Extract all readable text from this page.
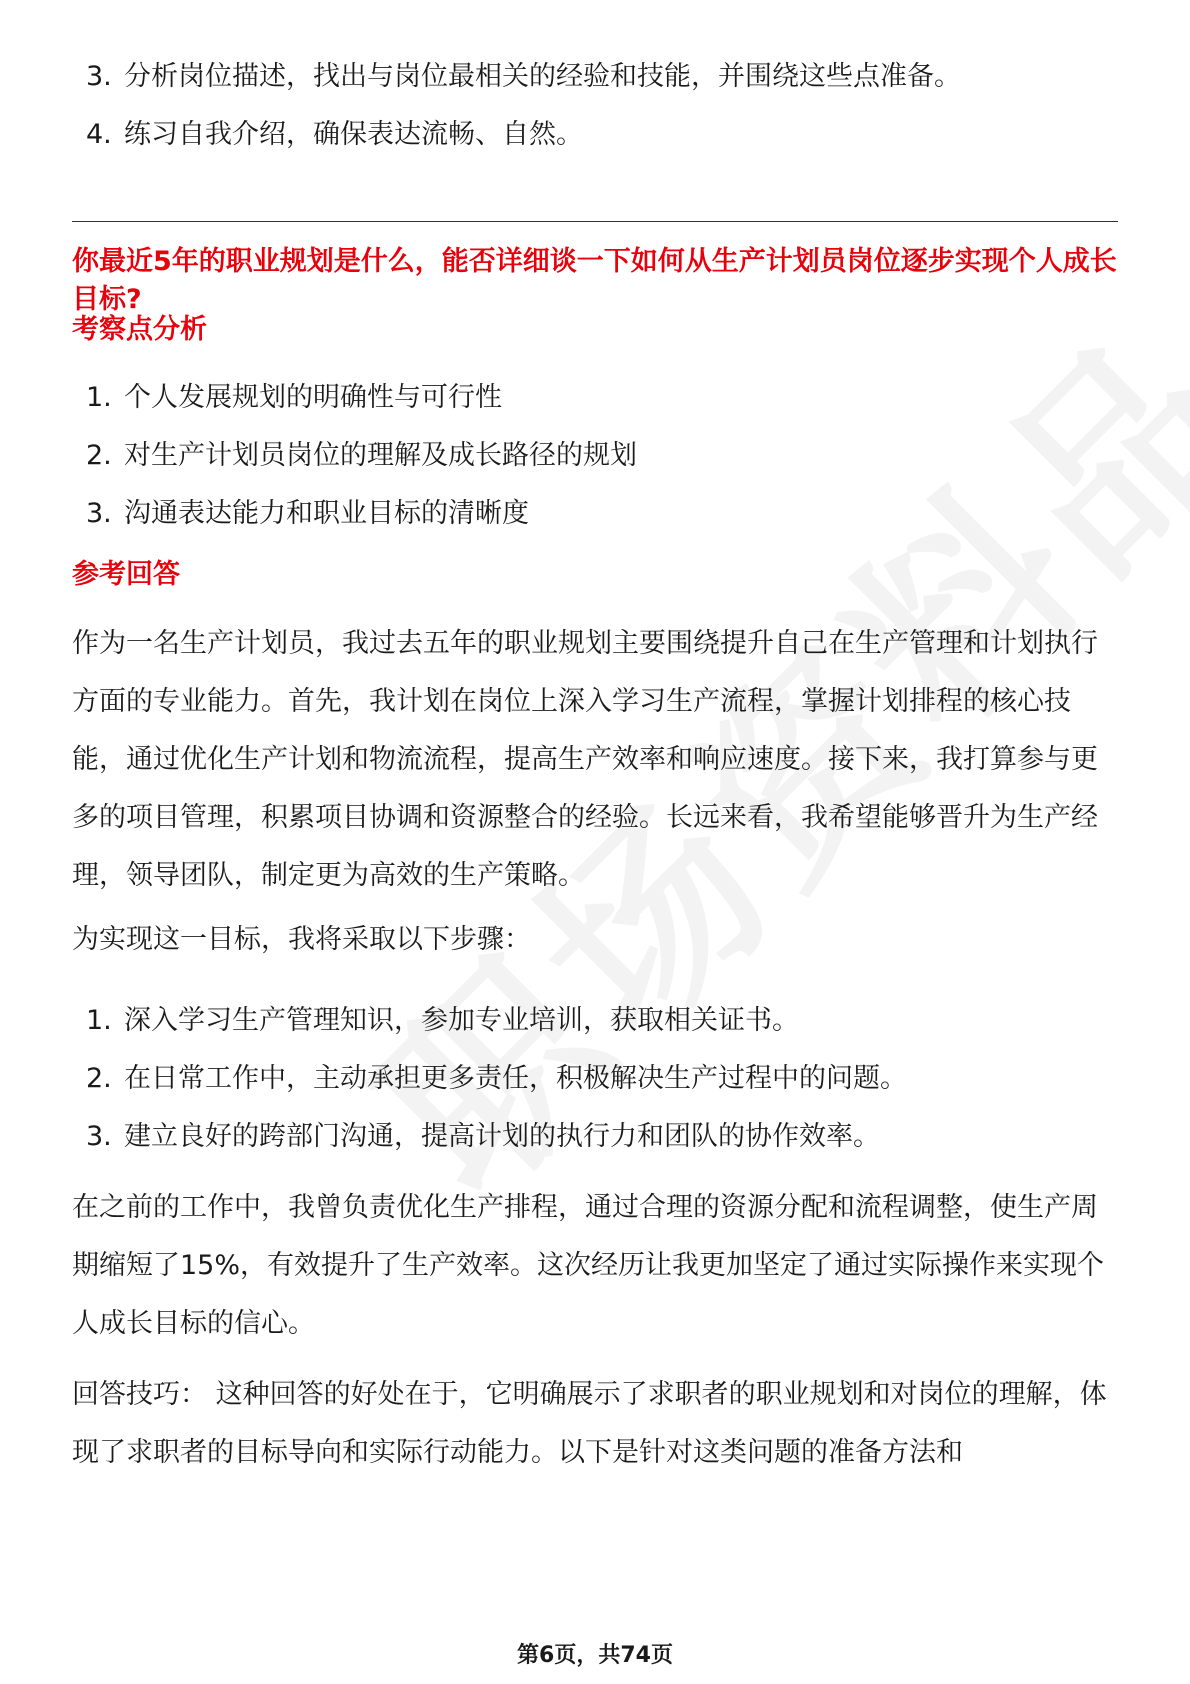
3. 分析岗位描述，找出与岗位最相关的经验和技能，并围绕这些点准备。
4. 练习自我介绍，确保表达流畅、自然。

你最近5年的职业规划是什么，能否详细谈一下如何从生产计划员岗位逐步实现个人成长目标?

考察点分析

1. 个人发展规划的明确性与可行性
2. 对生产计划员岗位的理解及成长路径的规划
3. 沟通表达能力和职业目标的清晰度

参考回答

作为一名生产计划员，我过去五年的职业规划主要围绕提升自己在生产管理和计划执行方面的专业能力。首先，我计划在岗位上深入学习生产流程，掌握计划排程的核心技能，通过优化生产计划和物流流程，提高生产效率和响应速度。接下来，我打算参与更多的项目管理，积累项目协调和资源整合的经验。长远来看，我希望能够晋升为生产经理，领导团队，制定更为高效的生产策略。

为实现这一目标，我将采取以下步骤：

1. 深入学习生产管理知识，参加专业培训，获取相关证书。
2. 在日常工作中，主动承担更多责任，积极解决生产过程中的问题。
3. 建立良好的跨部门沟通，提高计划的执行力和团队的协作效率。

在之前的工作中，我曾负责优化生产排程，通过合理的资源分配和流程调整，使生产周期缩短了15%，有效提升了生产效率。这次经历让我更加坚定了通过实际操作来实现个人成长目标的信心。

回答技巧： 这种回答的好处在于，它明确展示了求职者的职业规划和对岗位的理解，体现了求职者的目标导向和实际行动能力。以下是针对这类问题的准备方法和

第6页，共74页
